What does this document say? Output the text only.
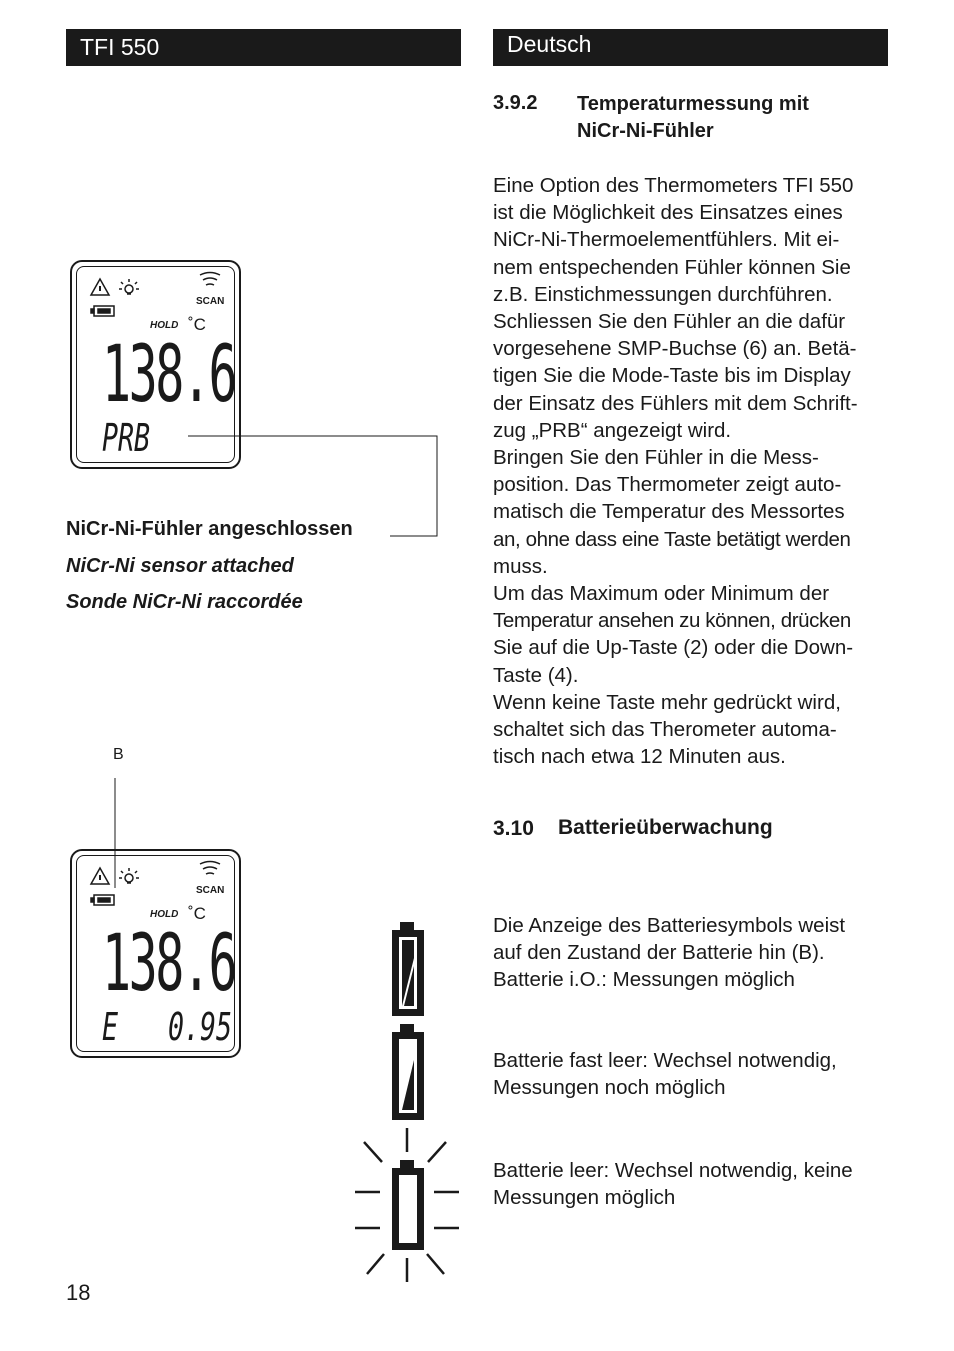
TFI 550	Deutsch
3.9.2 Temperaturmessung mit
NiCr-Ni-Fühler
Eine Option des Thermometers TFI 550
ist die Möglichkeit des Einsatzes eines
NiCr-Ni-Thermoelementfühlers. Mit ei-
nem entspechenden Fühler können Sie
z.B. Einstichmessungen durchführen.
Schliessen Sie den Fühler an die dafür
vorgesehene SMP-Buchse (6) an. Betä-
tigen Sie die Mode-Taste bis im Display
der Einsatz des Fühlers mit dem Schrift-
zug „PRB“ angezeigt wird.
Bringen Sie den Fühler in die Mess-
position. Das Thermometer zeigt auto-
matisch die Temperatur des Messortes
an, ohne dass eine Taste betätigt werden
muss.
Um das Maximum oder Minimum der
Temperatur ansehen zu können, drücken
Sie auf die Up-Taste (2) oder die Down-
Taste (4).
Wenn keine Taste mehr gedrückt wird,
schaltet sich das Therometer automa-
tisch nach etwa 12 Minuten aus.
3.10 Batterieüberwachung
Die Anzeige des Batteriesymbols weist
auf den Zustand der Batterie hin (B).
Batterie i.O.: Messungen möglich
Batterie fast leer: Wechsel notwendig,
Messungen noch möglich
Batterie leer: Wechsel notwendig, keine
Messungen möglich
SCAN
HOLD ˚C
138.6
PRB
SCAN
HOLD ˚C
138.6
E 0.95
NiCr-Ni-Fühler angeschlossen
NiCr-Ni sensor attached
Sonde NiCr-Ni raccordée
B
18
